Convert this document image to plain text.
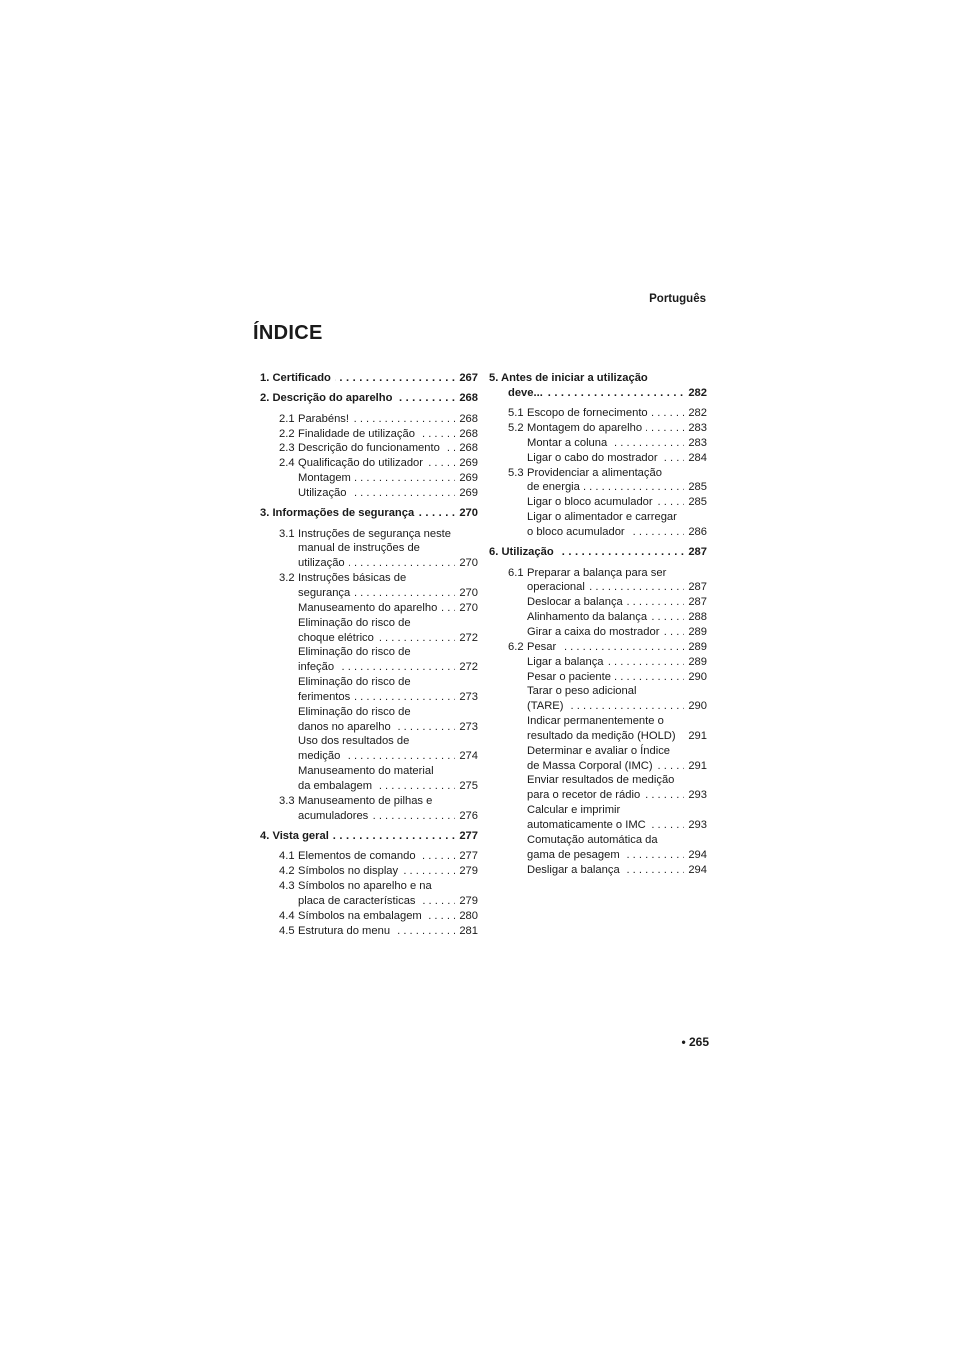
Português
ÍNDICE
. . .
1. Certificado	267
. . .
2. Descrição do aparelho	268
. . .
2.1 Parabéns!	268
. . .
2.2 Finalidade de utilização	268
. . .
2.3 Descrição do funcionamento	268
. . .
2.4 Qualificação do utilizador	269
. . .
Montagem	269
. . .
Utilização	269
. . .
3. Informações de segurança	270
3.1 Instruções de segurança neste
manual de instruções de
. . .
utilização	270
3.2 Instruções básicas de
. . .
segurança	270
. . .
Manuseamento do aparelho	270
Eliminação do risco de
. . .
choque elétrico	272
Eliminação do risco de
. . .
infeção	272
Eliminação do risco de
. . .
ferimentos	273
Eliminação do risco de
. . .
danos no aparelho	273
Uso dos resultados de
. . .
medição	274
Manuseamento do material
. . .
da embalagem	275
3.3 Manuseamento de pilhas e
. . .
acumuladores	276
. . .
4. Vista geral	277
. . .
4.1 Elementos de comando	277
. . .
4.2 Símbolos no display	279
4.3 Símbolos no aparelho e na
. . .
placa de características	279
. . .
4.4 Símbolos na embalagem	280
. . .
4.5 Estrutura do menu	281
5. Antes de iniciar a utilização
. . .
deve...	282
. . .
5.1 Escopo de fornecimento	282
. . .
5.2 Montagem do aparelho	283
. . .
Montar a coluna	283
. . .
Ligar o cabo do mostrador	284
5.3 Providenciar a alimentação
. . .
de energia	285
. . .
Ligar o bloco acumulador	285
Ligar o alimentador e carregar
. . .
o bloco acumulador	286
. . .
6. Utilização	287
6.1 Preparar a balança para ser
. . .
operacional	287
. . .
Deslocar a balança	287
. . .
Alinhamento da balança	288
. . .
Girar a caixa do mostrador	289
. . .
6.2 Pesar	289
. . .
Ligar a balança	289
. . .
Pesar o paciente	290
Tarar o peso adicional
. . .
(TARE)	290
Indicar permanentemente o
resultado da medição (HOLD)	291
Determinar e avaliar o Índice
. . .
de Massa Corporal (IMC)	291
Enviar resultados de medição
. . .
para o recetor de rádio	293
Calcular e imprimir
. . .
automaticamente o IMC	293
Comutação automática da
. . .
gama de pesagem	294
. . .
Desligar a balança	294
• 265
